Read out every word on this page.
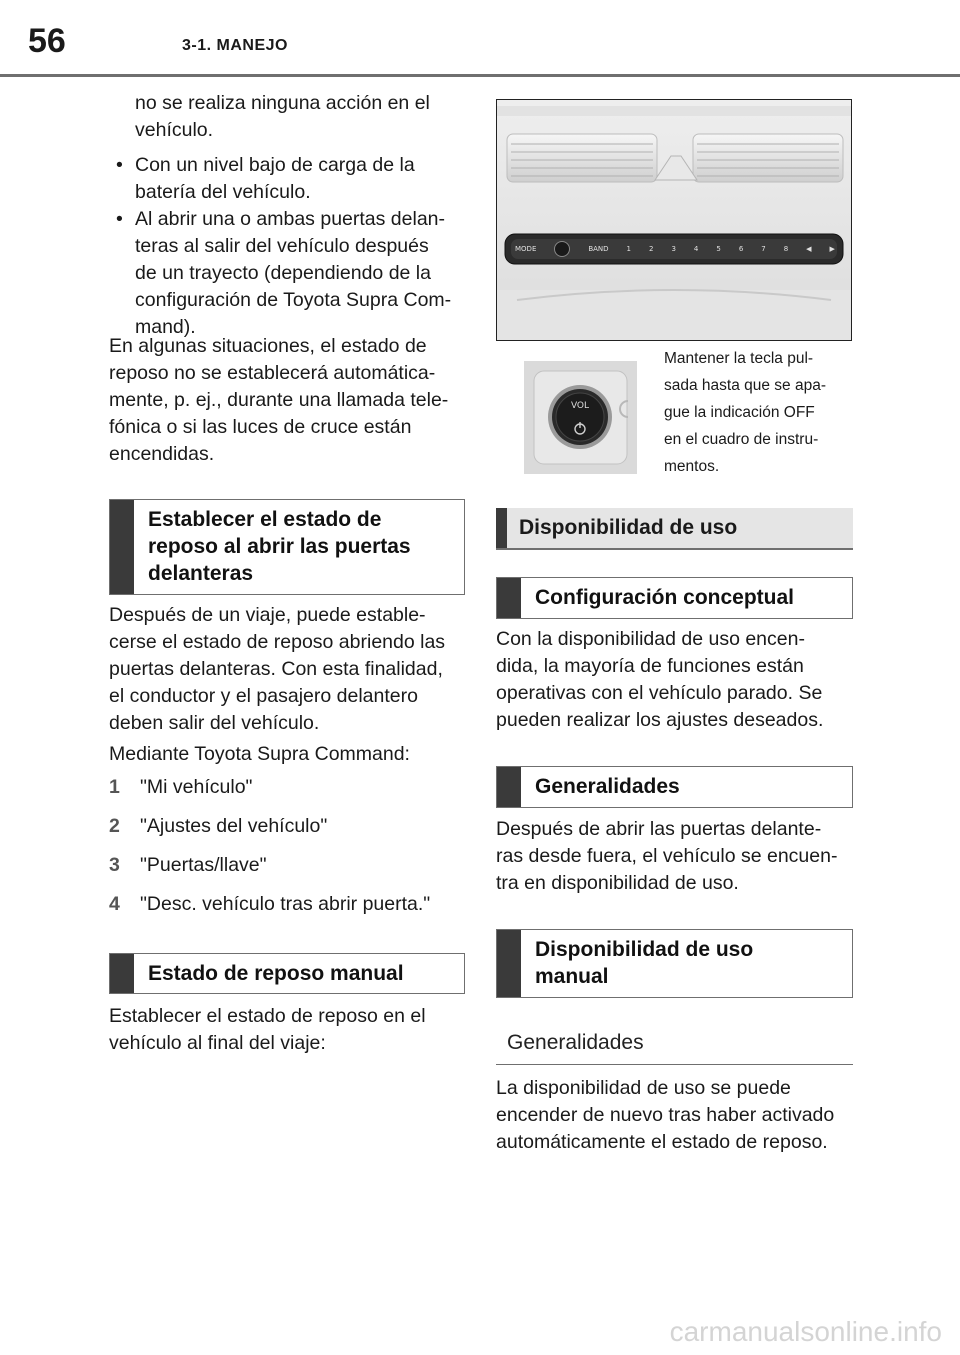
56	3-1. MANEJO

no se realiza ninguna acción en el

vehículo.

• Con un nivel bajo de carga de la

batería del vehículo.

• Al abrir una o ambas puertas delan-

teras al salir del vehículo después

de un trayecto (dependiendo de la

configuración de Toyota Supra Com-

mand).

En algunas situaciones, el estado de

reposo no se establecerá automática-

mente, p. ej., durante una llamada tele-

fónica o si las luces de cruce están

encendidas.

Establecer el estado de
reposo al abrir las puertas
delanteras

Después de un viaje, puede estable-

cerse el estado de reposo abriendo las

puertas delanteras. Con esta finalidad,

el conductor y el pasajero delantero

deben salir del vehículo.

Mediante Toyota Supra Command:

1	"Mi vehículo"
2	"Ajustes del vehículo"
3	"Puertas/llave"
4	"Desc. vehículo tras abrir puerta."
Estado de reposo manual

Establecer el estado de reposo en el

vehículo al final del viaje:

MODE	BAND	1	2	3	4	5	6	7	8	◀	▶
VOL
Mantener la tecla pul-
sada hasta que se apa-
gue la indicación OFF
en el cuadro de instru-
mentos.
Disponibilidad de uso
Configuración conceptual

Con la disponibilidad de uso encen-

dida, la mayoría de funciones están

operativas con el vehículo parado. Se

pueden realizar los ajustes deseados.

Generalidades

Después de abrir las puertas delante-

ras desde fuera, el vehículo se encuen-

tra en disponibilidad de uso.

Disponibilidad de uso
manual
Generalidades

La disponibilidad de uso se puede

encender de nuevo tras haber activado

automáticamente el estado de reposo.

carmanualsonline.info
